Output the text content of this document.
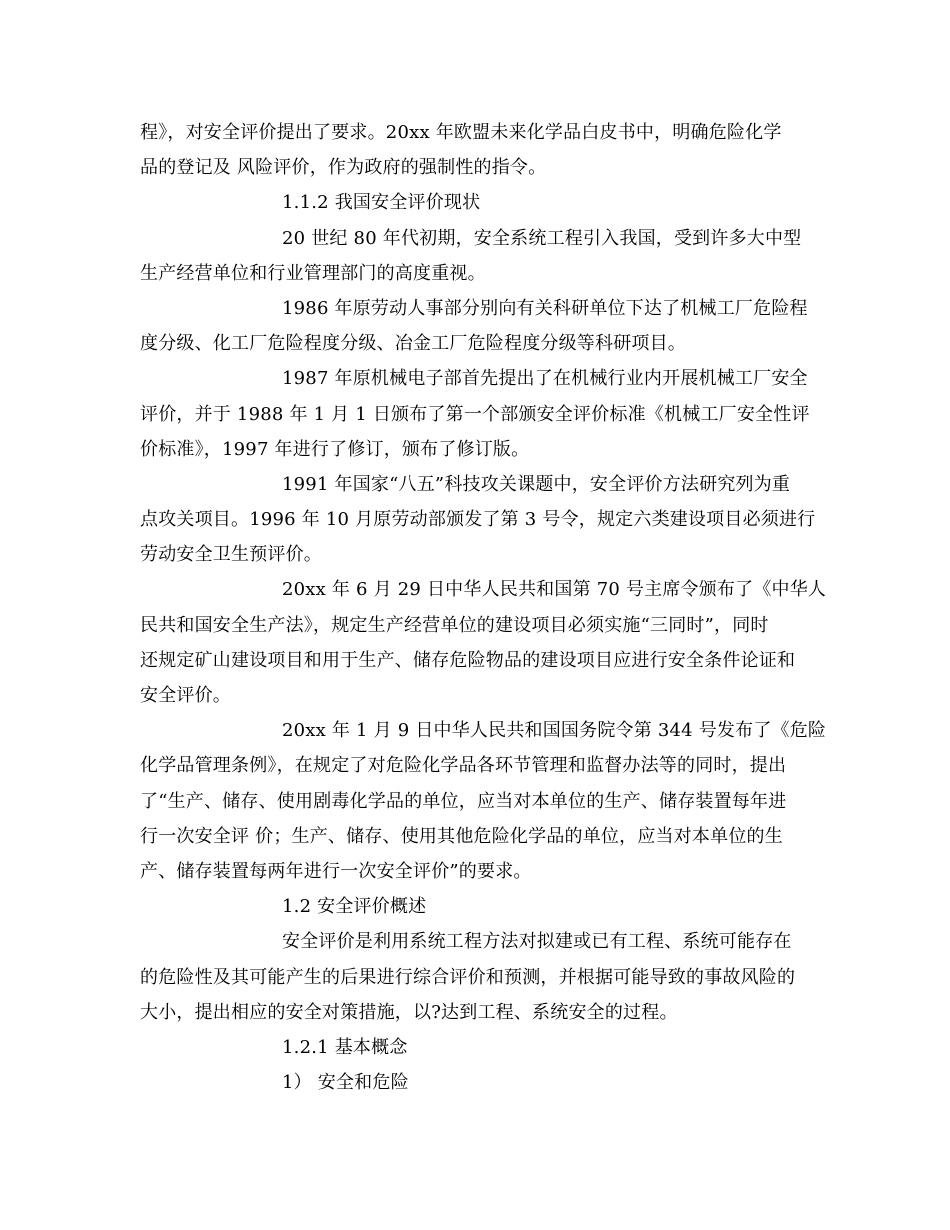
程》，对安全评价提出了要求。20xx 年欧盟未来化学品白皮书中，明确危险化学
品的登记及 风险评价，作为政府的强制性的指令。
1.1.2 我国安全评价现状
20 世纪 80 年代初期，安全系统工程引入我国，受到许多大中型
生产经营单位和行业管理部门的高度重视。
1986 年原劳动人事部分别向有关科研单位下达了机械工厂危险程
度分级、化工厂危险程度分级、冶金工厂危险程度分级等科研项目。
1987 年原机械电子部首先提出了在机械行业内开展机械工厂安全
评价，并于 1988 年 1 月 1 日颁布了第一个部颁安全评价标准《机械工厂安全性评
价标准》，1997 年进行了修订，颁布了修订版。
1991 年国家“八五”科技攻关课题中，安全评价方法研究列为重
点攻关项目。1996 年 10 月原劳动部颁发了第 3 号令，规定六类建设项目必须进行
劳动安全卫生预评价。
20xx 年 6 月 29 日中华人民共和国第 70 号主席令颁布了《中华人
民共和国安全生产法》，规定生产经营单位的建设项目必须实施“三同时”，同时
还规定矿山建设项目和用于生产、储存危险物品的建设项目应进行安全条件论证和
安全评价。
20xx 年 1 月 9 日中华人民共和国国务院令第 344 号发布了《危险
化学品管理条例》，在规定了对危险化学品各环节管理和监督办法等的同时，提出
了“生产、储存、使用剧毒化学品的单位，应当对本单位的生产、储存装置每年进
行一次安全评 价；生产、储存、使用其他危险化学品的单位，应当对本单位的生
产、储存装置每两年进行一次安全评价”的要求。
1.2 安全评价概述
安全评价是利用系统工程方法对拟建或已有工程、系统可能存在
的危险性及其可能产生的后果进行综合评价和预测，并根据可能导致的事故风险的
大小，提出相应的安全对策措施，以?达到工程、系统安全的过程。
1.2.1 基本概念
1） 安全和危险
